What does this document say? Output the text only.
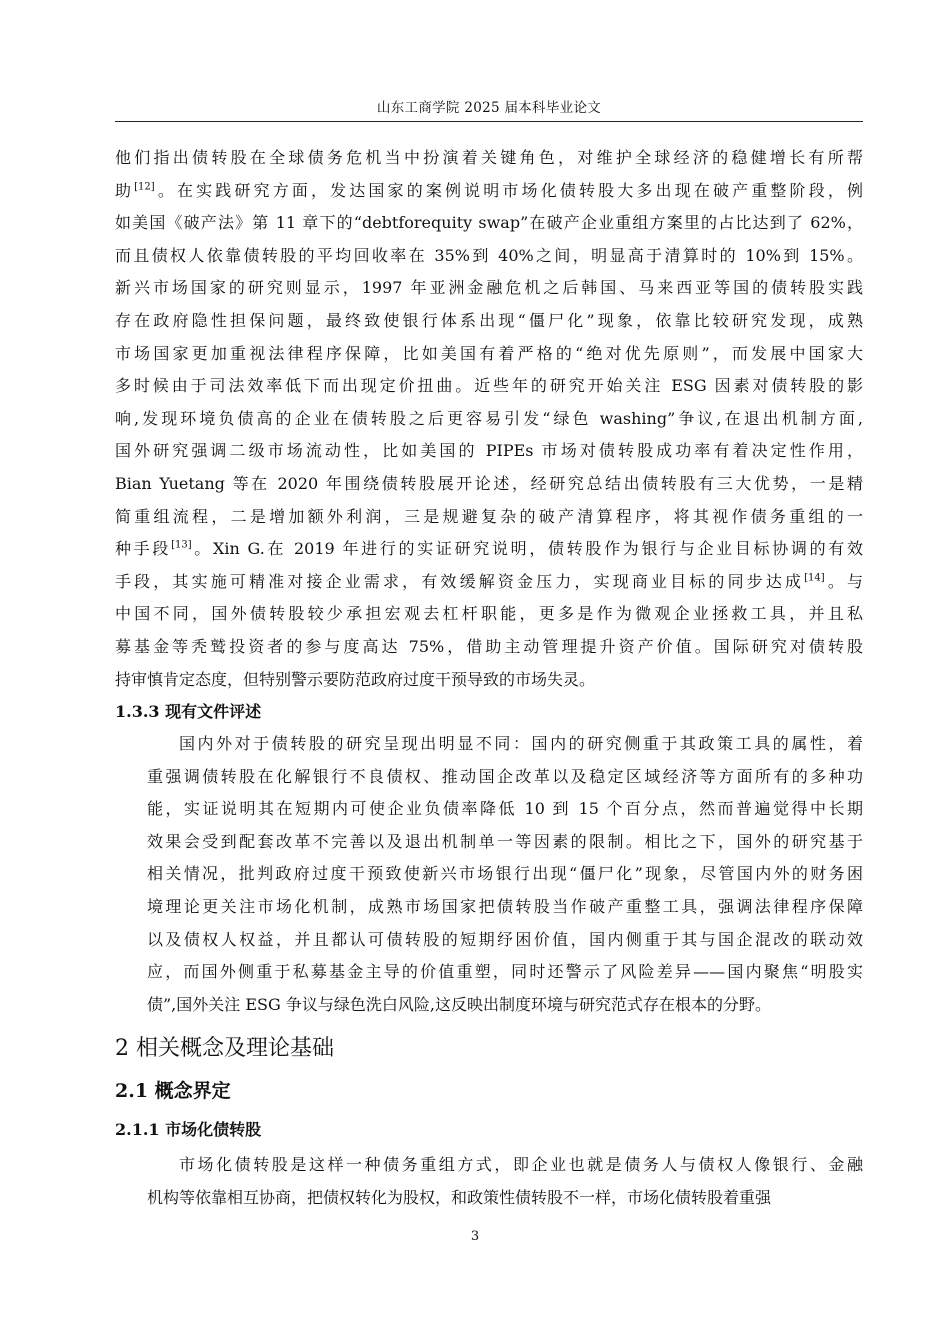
山东工商学院 2025 届本科毕业论文
他们指出债转股在全球债务危机当中扮演着关键角色，对维护全球经济的稳健增长有所帮
助[12]。在实践研究方面，发达国家的案例说明市场化债转股大多出现在破产重整阶段，例
如美国《破产法》第 11 章下的“debtforequity swap”在破产企业重组方案里的占比达到了 62%，
而且债权人依靠债转股的平均回收率在 35%到 40%之间，明显高于清算时的 10%到 15%。
新兴市场国家的研究则显示，1997 年亚洲金融危机之后韩国、马来西亚等国的债转股实践
存在政府隐性担保问题，最终致使银行体系出现“僵尸化”现象，依靠比较研究发现，成熟
市场国家更加重视法律程序保障，比如美国有着严格的“绝对优先原则”，而发展中国家大
多时候由于司法效率低下而出现定价扭曲。近些年的研究开始关注 ESG 因素对债转股的影
响,发现环境负债高的企业在债转股之后更容易引发“绿色 washing”争议,在退出机制方面,
国外研究强调二级市场流动性，比如美国的 PIPEs 市场对债转股成功率有着决定性作用，
Bian Yuetang 等在 2020 年围绕债转股展开论述，经研究总结出债转股有三大优势，一是精
简重组流程，二是增加额外利润，三是规避复杂的破产清算程序，将其视作债务重组的一
种手段[13]。Xin G.在 2019 年进行的实证研究说明，债转股作为银行与企业目标协调的有效
手段，其实施可精准对接企业需求，有效缓解资金压力，实现商业目标的同步达成[14]。与
中国不同，国外债转股较少承担宏观去杠杆职能，更多是作为微观企业拯救工具，并且私
募基金等秃鹫投资者的参与度高达 75%，借助主动管理提升资产价值。国际研究对债转股
持审慎肯定态度，但特别警示要防范政府过度干预导致的市场失灵。
1.3.3 现有文件评述
国内外对于债转股的研究呈现出明显不同：国内的研究侧重于其政策工具的属性，着
重强调债转股在化解银行不良债权、推动国企改革以及稳定区域经济等方面所有的多种功
能，实证说明其在短期内可使企业负债率降低 10 到 15 个百分点，然而普遍觉得中长期
效果会受到配套改革不完善以及退出机制单一等因素的限制。相比之下，国外的研究基于
相关情况，批判政府过度干预致使新兴市场银行出现“僵尸化”现象，尽管国内外的财务困
境理论更关注市场化机制，成熟市场国家把债转股当作破产重整工具，强调法律程序保障
以及债权人权益，并且都认可债转股的短期纾困价值，国内侧重于其与国企混改的联动效
应，而国外侧重于私募基金主导的价值重塑，同时还警示了风险差异——国内聚焦“明股实
债”,国外关注 ESG 争议与绿色洗白风险,这反映出制度环境与研究范式存在根本的分野。
2 相关概念及理论基础
2.1 概念界定
2.1.1 市场化债转股
市场化债转股是这样一种债务重组方式，即企业也就是债务人与债权人像银行、金融
机构等依靠相互协商，把债权转化为股权，和政策性债转股不一样，市场化债转股着重强
3
